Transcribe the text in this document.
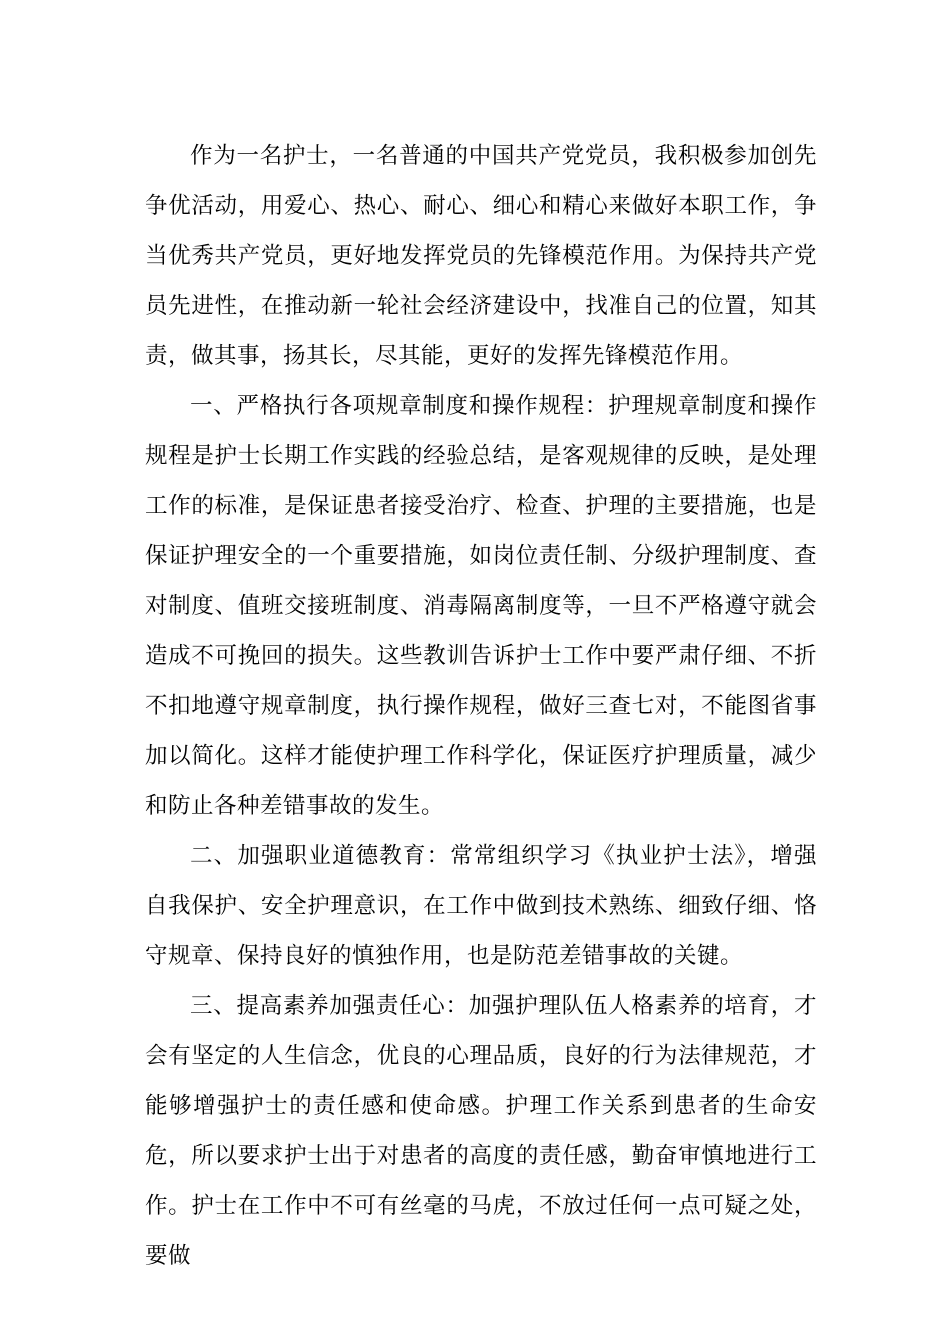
作为一名护士，一名普通的中国共产党党员，我积极参加创先争优活动，用爱心、热心、耐心、细心和精心来做好本职工作，争当优秀共产党员，更好地发挥党员的先锋模范作用。为保持共产党员先进性，在推动新一轮社会经济建设中，找准自己的位置，知其责，做其事，扬其长，尽其能，更好的发挥先锋模范作用。

一、严格执行各项规章制度和操作规程：护理规章制度和操作规程是护士长期工作实践的经验总结，是客观规律的反映，是处理工作的标准，是保证患者接受治疗、检查、护理的主要措施，也是保证护理安全的一个重要措施，如岗位责任制、分级护理制度、查对制度、值班交接班制度、消毒隔离制度等，一旦不严格遵守就会造成不可挽回的损失。这些教训告诉护士工作中要严肃仔细、不折不扣地遵守规章制度，执行操作规程，做好三查七对，不能图省事加以简化。这样才能使护理工作科学化，保证医疗护理质量，减少和防止各种差错事故的发生。

二、加强职业道德教育：常常组织学习《执业护士法》，增强自我保护、安全护理意识，在工作中做到技术熟练、细致仔细、恪守规章、保持良好的慎独作用，也是防范差错事故的关键。

三、提高素养加强责任心：加强护理队伍人格素养的培育，才会有坚定的人生信念，优良的心理品质，良好的行为法律规范，才能够增强护士的责任感和使命感。护理工作关系到患者的生命安危，所以要求护士出于对患者的高度的责任感，勤奋审慎地进行工作。护士在工作中不可有丝毫的马虎，不放过任何一点可疑之处，要做
